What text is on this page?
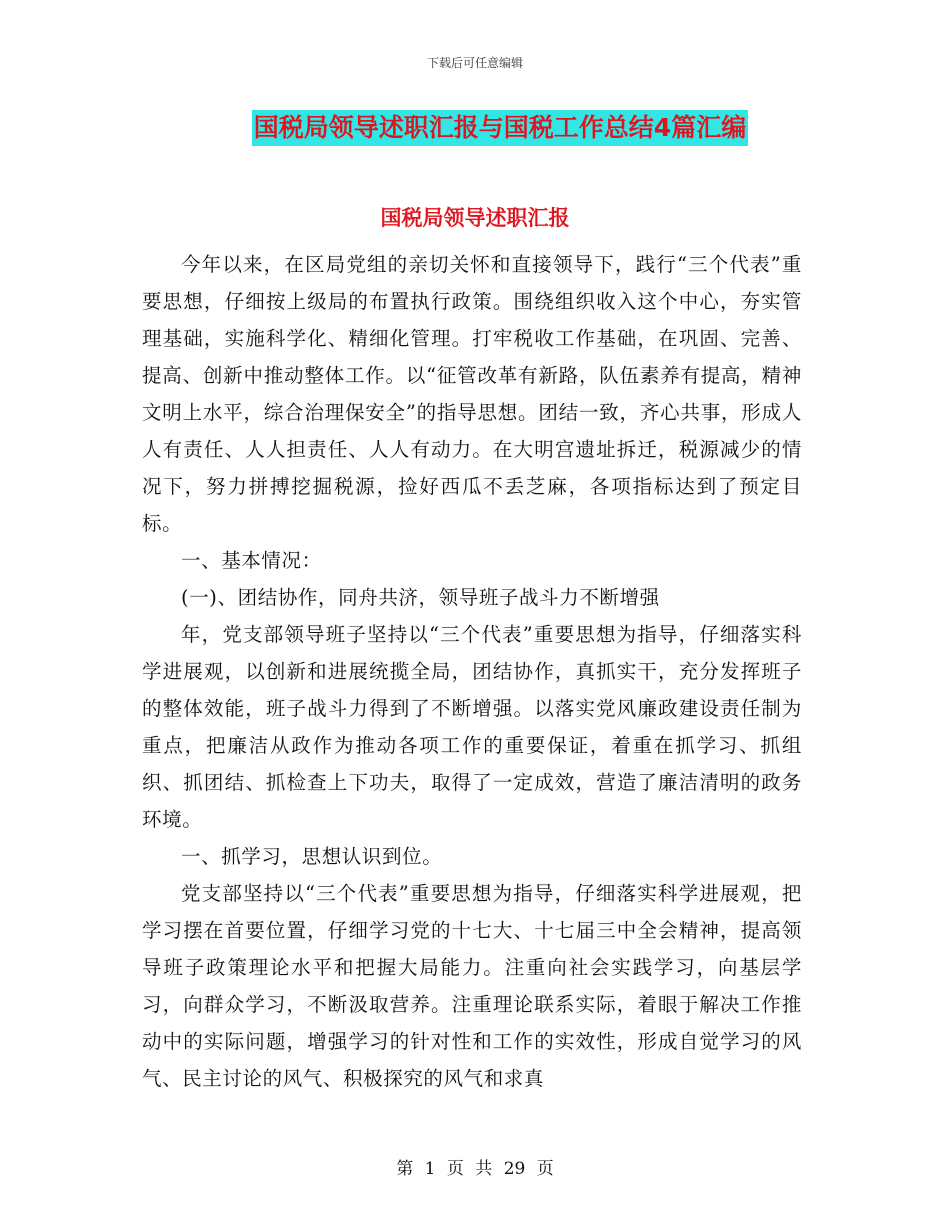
下载后可任意编辑
国税局领导述职汇报与国税工作总结4篇汇编
国税局领导述职汇报

今年以来，在区局党组的亲切关怀和直接领导下，践行“三个代表”重要思想，仔细按上级局的布置执行政策。围绕组织收入这个中心，夯实管理基础，实施科学化、精细化管理。打牢税收工作基础，在巩固、完善、提高、创新中推动整体工作。以“征管改革有新路，队伍素养有提高，精神文明上水平，综合治理保安全”的指导思想。团结一致，齐心共事，形成人人有责任、人人担责任、人人有动力。在大明宫遗址拆迁，税源减少的情况下，努力拼搏挖掘税源，捡好西瓜不丢芝麻，各项指标达到了预定目标。

一、基本情况：

(一)、团结协作，同舟共济，领导班子战斗力不断增强

年，党支部领导班子坚持以“三个代表”重要思想为指导，仔细落实科学进展观，以创新和进展统揽全局，团结协作，真抓实干，充分发挥班子的整体效能，班子战斗力得到了不断增强。以落实党风廉政建设责任制为重点，把廉洁从政作为推动各项工作的重要保证，着重在抓学习、抓组织、抓团结、抓检查上下功夫，取得了一定成效，营造了廉洁清明的政务环境。

一、抓学习，思想认识到位。

党支部坚持以“三个代表”重要思想为指导，仔细落实科学进展观，把学习摆在首要位置，仔细学习党的十七大、十七届三中全会精神，提高领导班子政策理论水平和把握大局能力。注重向社会实践学习，向基层学习，向群众学习，不断汲取营养。注重理论联系实际，着眼于解决工作推动中的实际问题，增强学习的针对性和工作的实效性，形成自觉学习的风气、民主讨论的风气、积极探究的风气和求真

第 1 页 共 29 页
